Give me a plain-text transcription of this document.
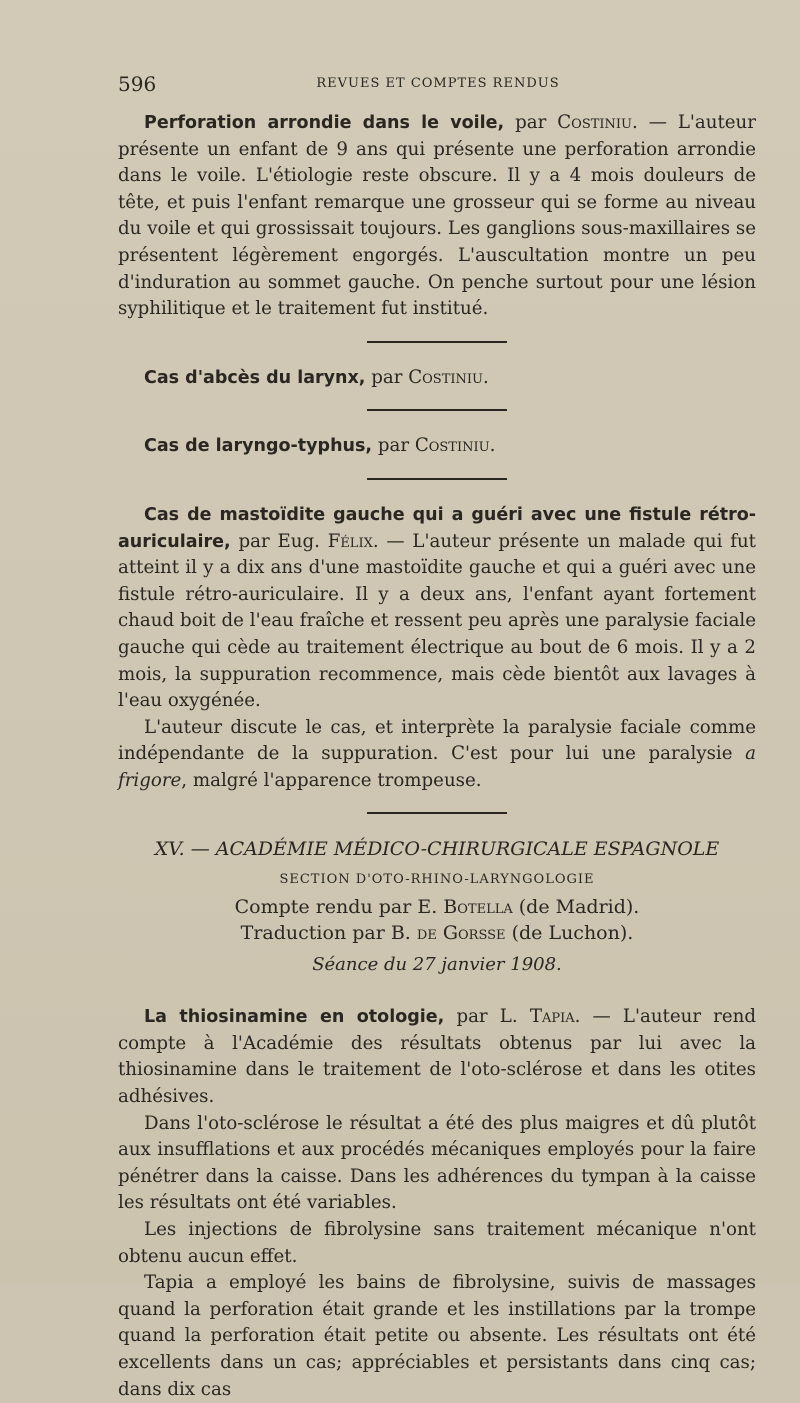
596	REVUES ET COMPTES RENDUS

Perforation arrondie dans le voile, par Costiniu. — L'auteur présente un enfant de 9 ans qui présente une perforation arrondie dans le voile. L'étiologie reste obscure. Il y a 4 mois douleurs de tête, et puis l'enfant remarque une grosseur qui se forme au niveau du voile et qui grossissait toujours. Les ganglions sous-maxillaires se présentent légèrement engorgés. L'auscultation montre un peu d'induration au sommet gauche. On penche surtout pour une lésion syphilitique et le traitement fut institué.

Cas d'abcès du larynx, par Costiniu.

Cas de laryngo-typhus, par Costiniu.

Cas de mastoïdite gauche qui a guéri avec une fistule rétro-auriculaire, par Eug. Félix. — L'auteur présente un malade qui fut atteint il y a dix ans d'une mastoïdite gauche et qui a guéri avec une fistule rétro-auriculaire. Il y a deux ans, l'enfant ayant fortement chaud boit de l'eau fraîche et ressent peu après une paralysie faciale gauche qui cède au traitement électrique au bout de 6 mois. Il y a 2 mois, la suppuration recommence, mais cède bientôt aux lavages à l'eau oxygénée.

L'auteur discute le cas, et interprète la paralysie faciale comme indépendante de la suppuration. C'est pour lui une paralysie a frigore, malgré l'apparence trompeuse.

XV. — ACADÉMIE MÉDICO-CHIRURGICALE ESPAGNOLE
SECTION D'OTO-RHINO-LARYNGOLOGIE
Compte rendu par E. Botella (de Madrid).
Traduction par B. de Gorsse (de Luchon).
Séance du 27 janvier 1908.

La thiosinamine en otologie, par L. Tapia. — L'auteur rend compte à l'Académie des résultats obtenus par lui avec la thiosinamine dans le traitement de l'oto-sclérose et dans les otites adhésives.

Dans l'oto-sclérose le résultat a été des plus maigres et dû plutôt aux insufflations et aux procédés mécaniques employés pour la faire pénétrer dans la caisse. Dans les adhérences du tympan à la caisse les résultats ont été variables.

Les injections de fibrolysine sans traitement mécanique n'ont obtenu aucun effet.

Tapia a employé les bains de fibrolysine, suivis de massages quand la perforation était grande et les instillations par la trompe quand la perforation était petite ou absente. Les résultats ont été excellents dans un cas; appréciables et persistants dans cinq cas; dans dix cas
